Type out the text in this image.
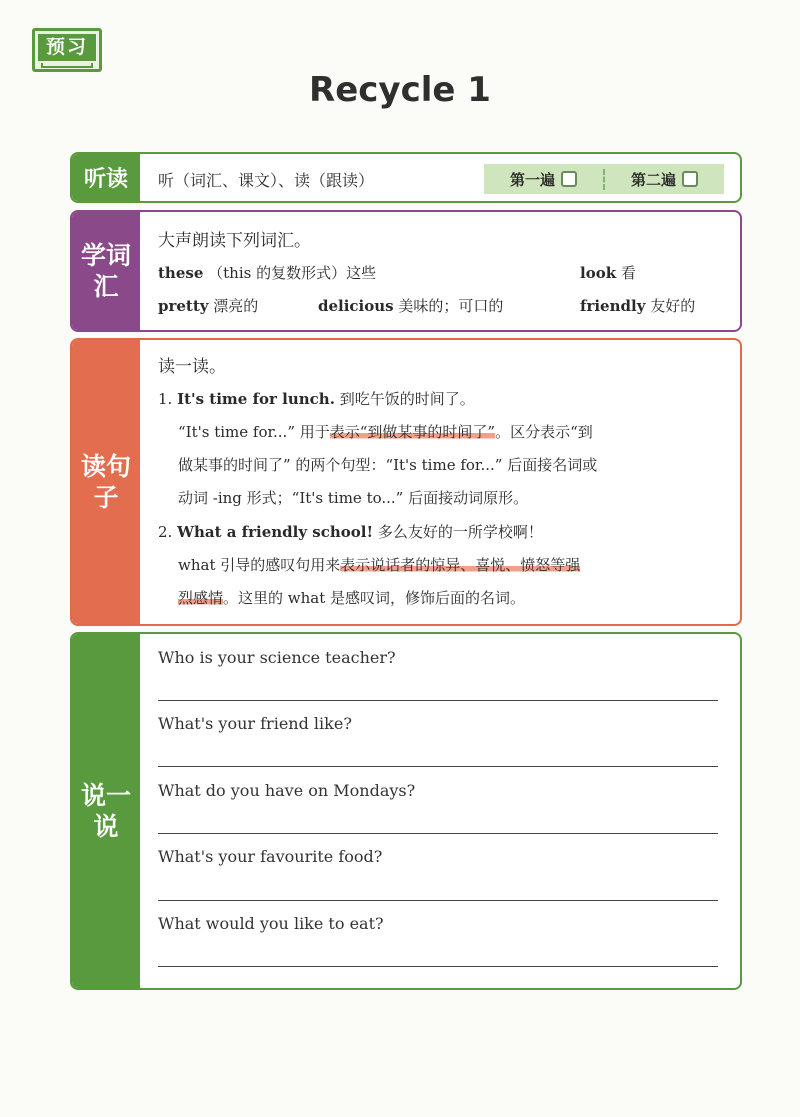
预习
Recycle 1
听读	听（词汇、课文）、读（跟读）	第一遍	第二遍
学词汇
大声朗读下列词汇。
these （this 的复数形式）这些	look 看
pretty 漂亮的	delicious 美味的；可口的	friendly 友好的
读句子
读一读。
1. It's time for lunch. 到吃午饭的时间了。
“It's time for...” 用于表示“到做某事的时间了”。区分表示“到
做某事的时间了” 的两个句型：“It's time for...” 后面接名词或
动词 -ing 形式；“It's time to...” 后面接动词原形。
2. What a friendly school! 多么友好的一所学校啊！
what 引导的感叹句用来表示说话者的惊异、喜悦、愤怒等强
烈感情。这里的 what 是感叹词，修饰后面的名词。
说一说
Who is your science teacher?
What's your friend like?
What do you have on Mondays?
What's your favourite food?
What would you like to eat?
